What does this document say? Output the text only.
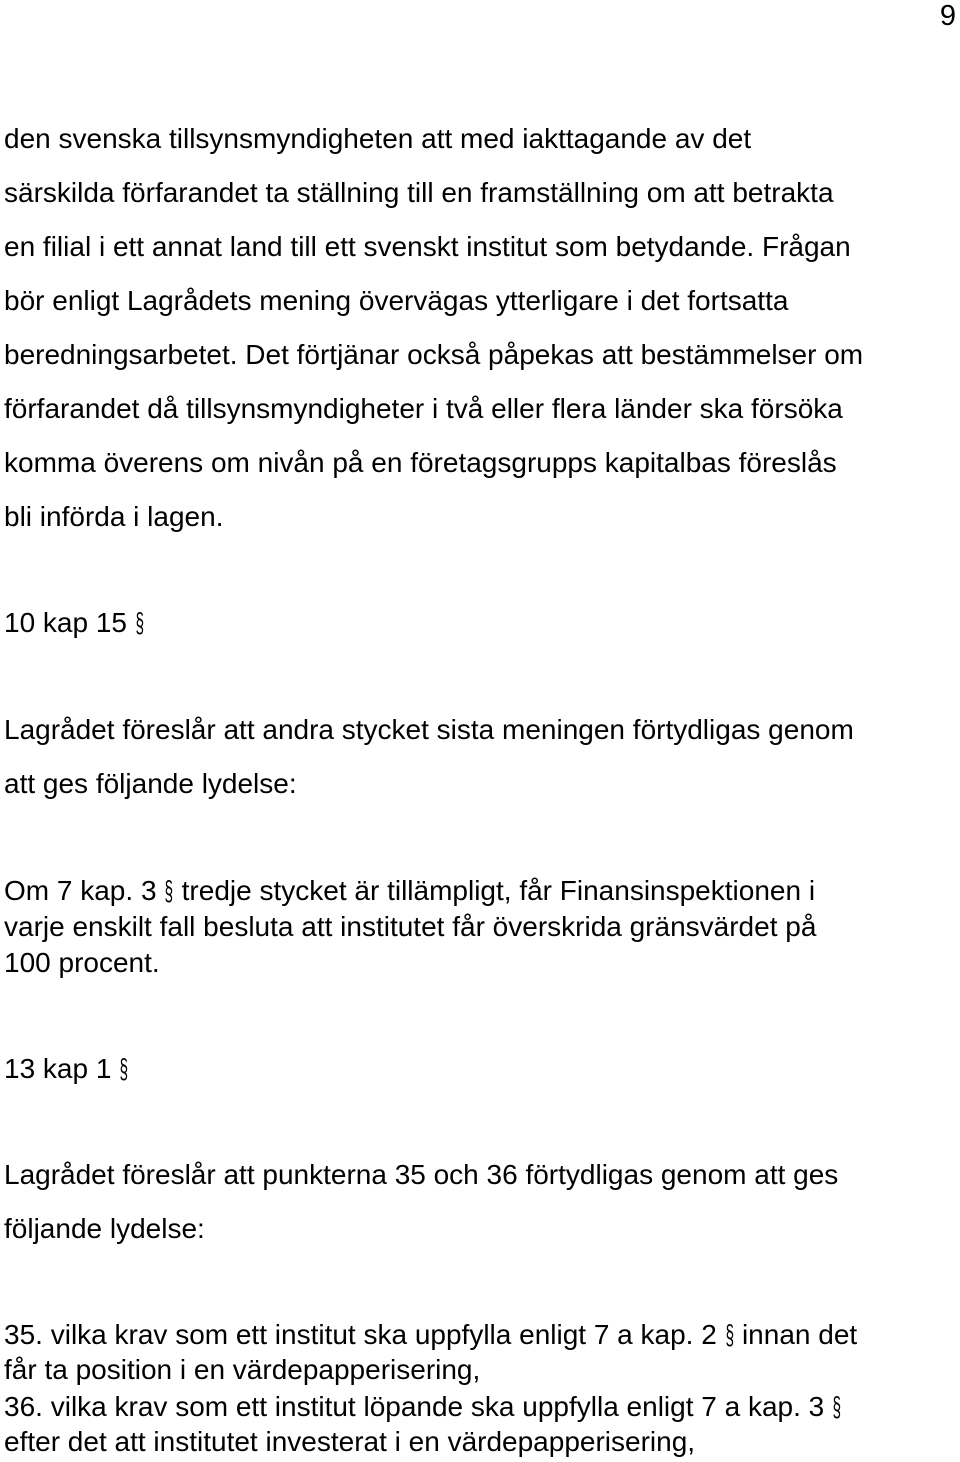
9
den svenska tillsynsmyndigheten att med iakttagande av det
särskilda förfarandet ta ställning till en framställning om att betrakta
en filial i ett annat land till ett svenskt institut som betydande. Frågan
bör enligt Lagrådets mening övervägas ytterligare i det fortsatta
beredningsarbetet. Det förtjänar också påpekas att bestämmelser om
förfarandet då tillsynsmyndigheter i två eller flera länder ska försöka
komma överens om nivån på en företagsgrupps kapitalbas föreslås
bli införda i lagen.
10 kap 15 §
Lagrådet föreslår att andra stycket sista meningen förtydligas genom
att ges följande lydelse:
Om 7 kap. 3 § tredje stycket är tillämpligt, får Finansinspektionen i
varje enskilt fall besluta att institutet får överskrida gränsvärdet på
100 procent.
13 kap 1 §
Lagrådet föreslår att punkterna 35 och 36 förtydligas genom att ges
följande lydelse:
35. vilka krav som ett institut ska uppfylla enligt 7 a kap. 2 § innan det
får ta position i en värdepapperisering,
36. vilka krav som ett institut löpande ska uppfylla enligt 7 a kap. 3 §
efter det att institutet investerat i en värdepapperisering,
